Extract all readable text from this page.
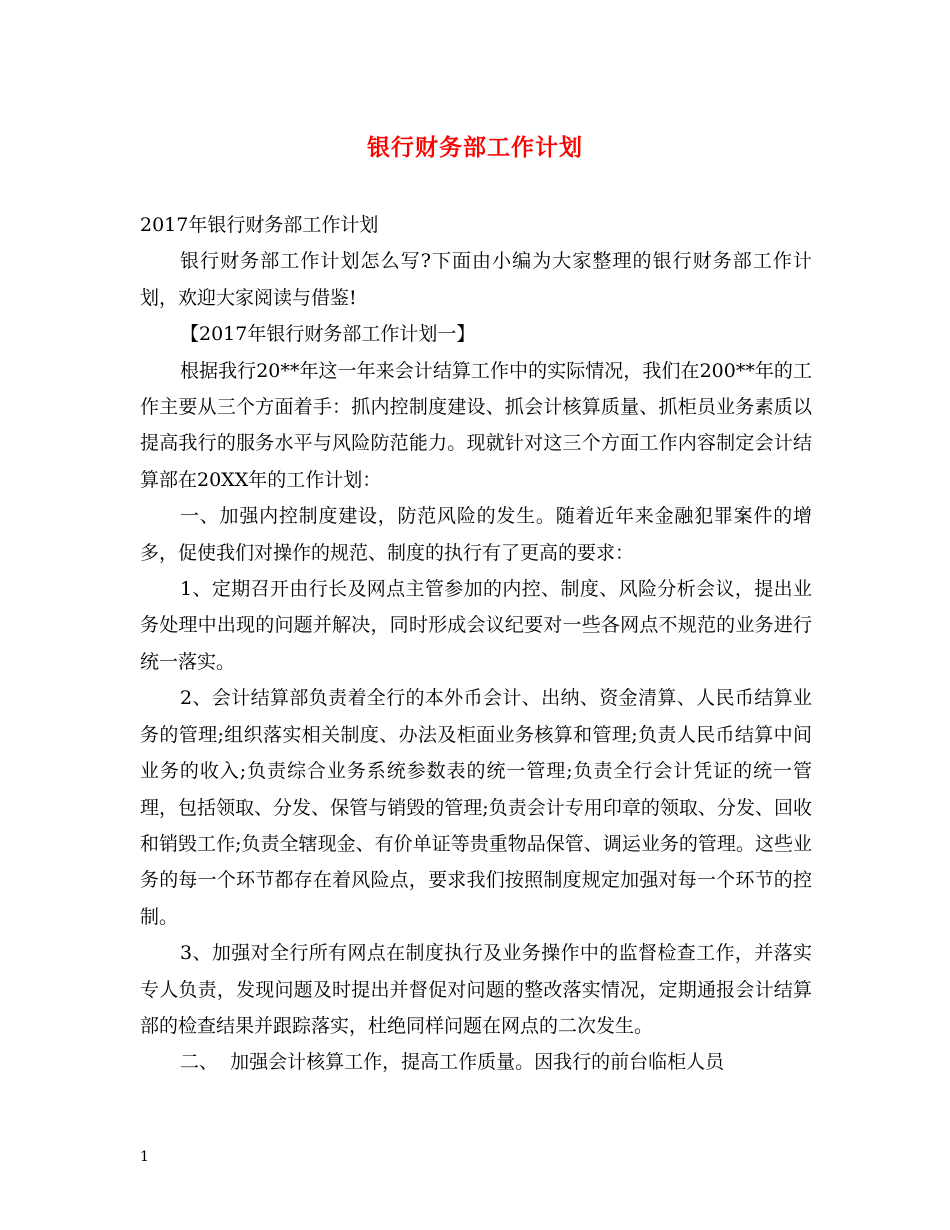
银行财务部工作计划

2017年银行财务部工作计划

银行财务部工作计划怎么写?下面由小编为大家整理的银行财务部工作计划，欢迎大家阅读与借鉴!

【2017年银行财务部工作计划一】

根据我行20**年这一年来会计结算工作中的实际情况，我们在200**年的工作主要从三个方面着手：抓内控制度建设、抓会计核算质量、抓柜员业务素质以提高我行的服务水平与风险防范能力。现就针对这三个方面工作内容制定会计结算部在20XX年的工作计划：

一、加强内控制度建设，防范风险的发生。随着近年来金融犯罪案件的增多，促使我们对操作的规范、制度的执行有了更高的要求：

1、定期召开由行长及网点主管参加的内控、制度、风险分析会议，提出业务处理中出现的问题并解决，同时形成会议纪要对一些各网点不规范的业务进行统一落实。

2、会计结算部负责着全行的本外币会计、出纳、资金清算、人民币结算业务的管理;组织落实相关制度、办法及柜面业务核算和管理;负责人民币结算中间业务的收入;负责综合业务系统参数表的统一管理;负责全行会计凭证的统一管理，包括领取、分发、保管与销毁的管理;负责会计专用印章的领取、分发、回收和销毁工作;负责全辖现金、有价单证等贵重物品保管、调运业务的管理。这些业务的每一个环节都存在着风险点，要求我们按照制度规定加强对每一个环节的控制。

3、加强对全行所有网点在制度执行及业务操作中的监督检查工作，并落实专人负责，发现问题及时提出并督促对问题的整改落实情况，定期通报会计结算部的检查结果并跟踪落实，杜绝同样问题在网点的二次发生。

二、  加强会计核算工作，提高工作质量。因我行的前台临柜人员

1
